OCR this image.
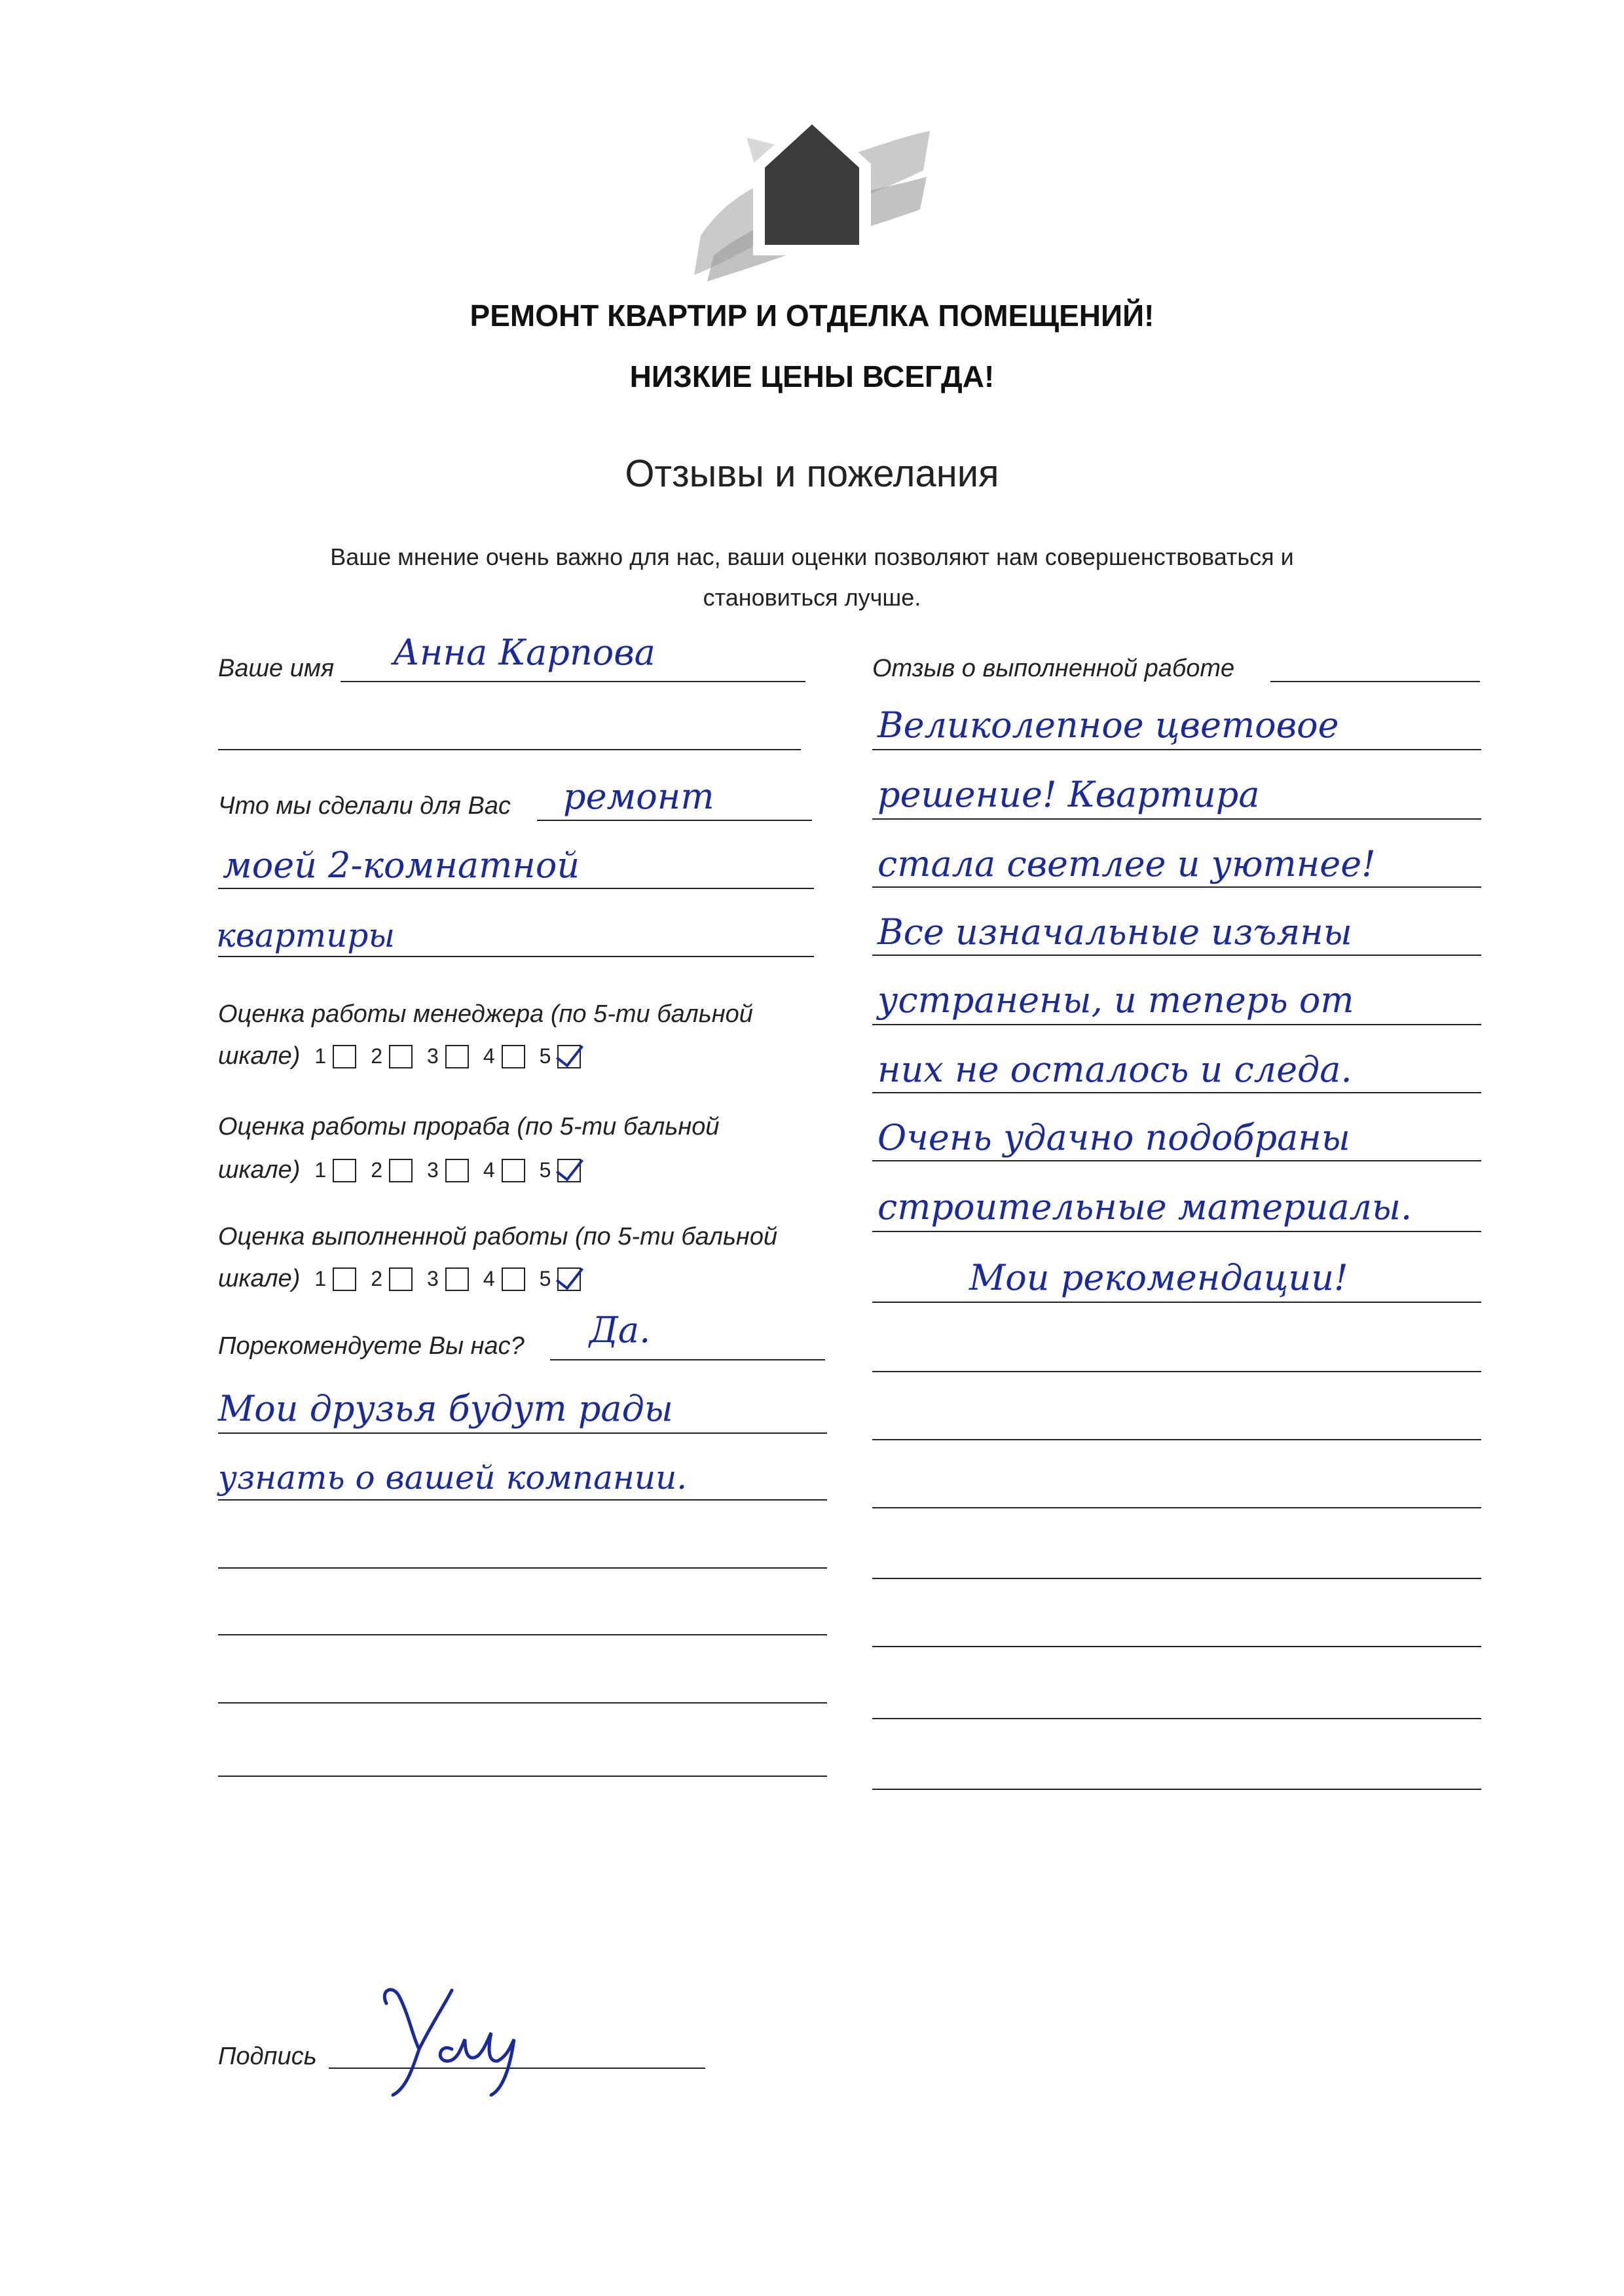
РЕМОНТ КВАРТИР И ОТДЕЛКА ПОМЕЩЕНИЙ!
НИЗКИЕ ЦЕНЫ ВСЕГДА!
Отзывы и пожелания
Ваше мнение очень важно для нас, ваши оценки позволяют нам совершенствоваться и
становиться лучше.
Ваше имя Анна Карпова
Что мы сделали для Вас ремонт
моей 2-комнатной
квартиры
Оценка работы менеджера (по 5-ти бальной
шкале) 1 2 3 4 5
Оценка работы прораба (по 5-ти бальной
шкале) 1 2 3 4 5
Оценка выполненной работы (по 5-ти бальной
шкале) 1 2 3 4 5
Порекомендуете Вы нас? Да.
Мои друзья будут рады
узнать о вашей компании.
Отзыв о выполненной работе
Великолепное цветовое
решение! Квартира
стала светлее и уютнее!
Все изначальные изъяны
устранены, и теперь от
них не осталось и следа.
Очень удачно подобраны
строительные материалы.
Мои рекомендации!
Подпись
